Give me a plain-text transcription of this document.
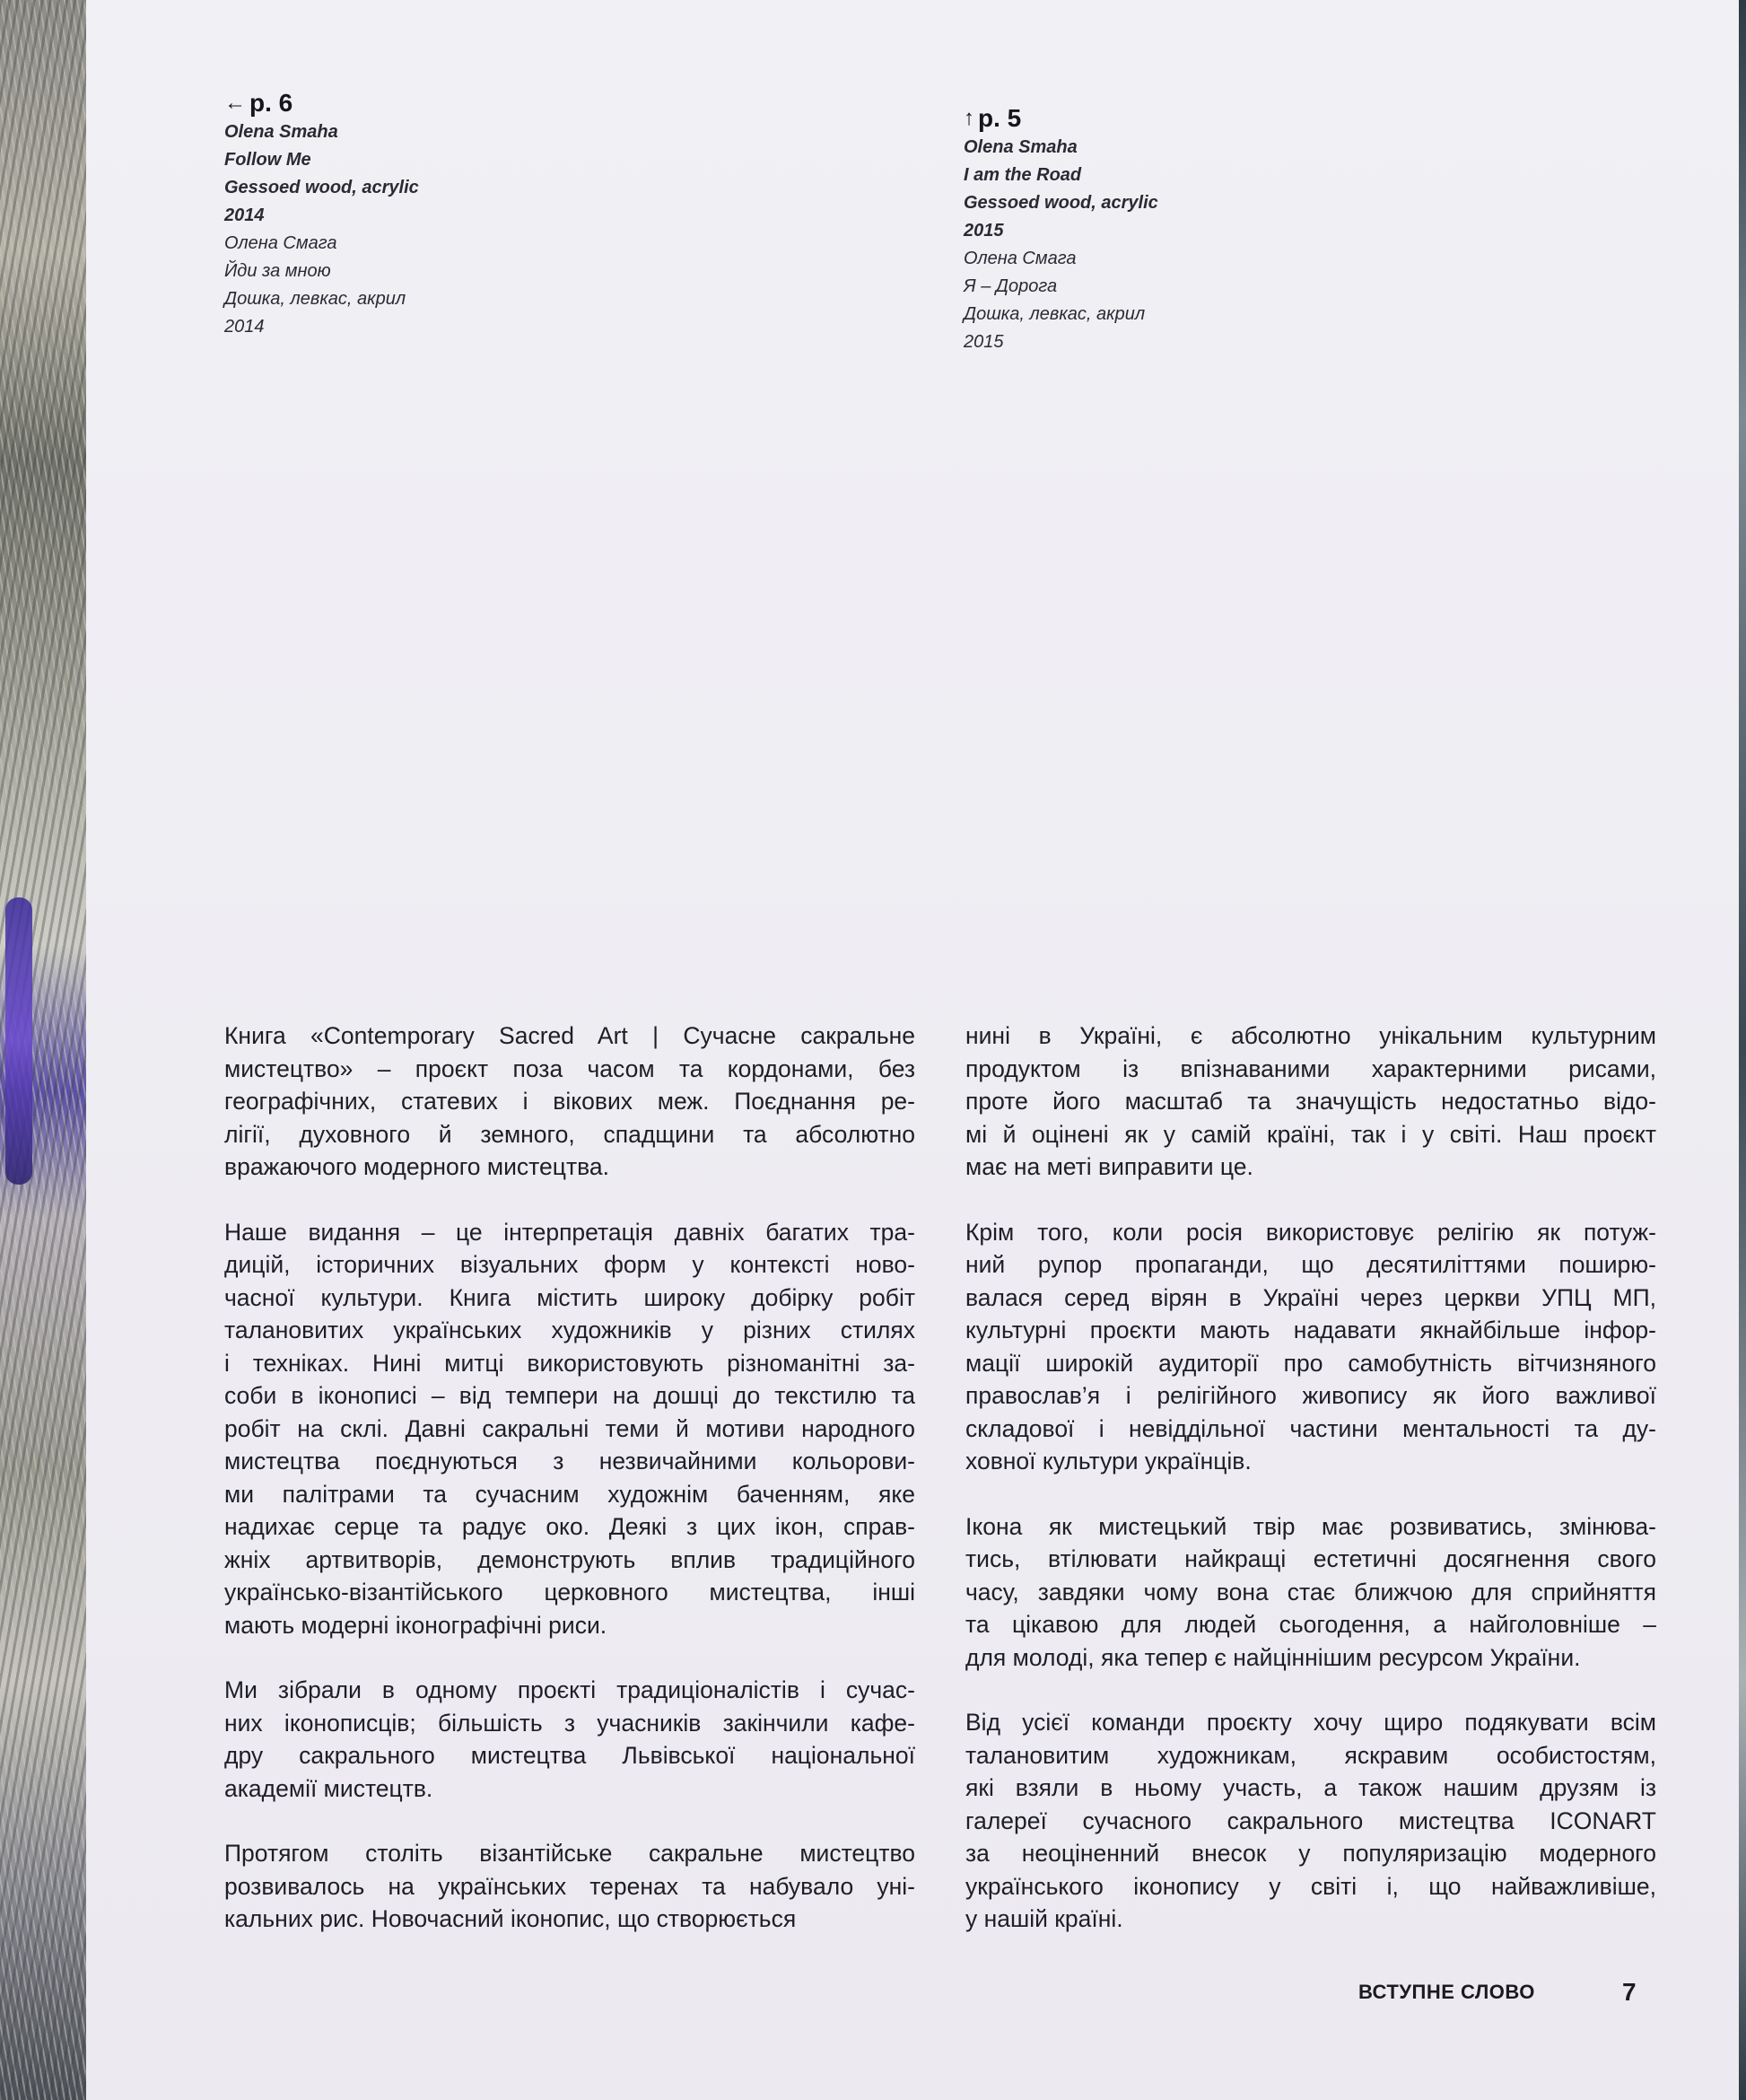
← p. 6
Olena Smaha
Follow Me
Gessoed wood, acrylic
2014
Олена Смага
Йди за мною
Дошка, левкас, акрил
2014
↑ p. 5
Olena Smaha
I am the Road
Gessoed wood, acrylic
2015
Олена Смага
Я – Дорога
Дошка, левкас, акрил
2015

Книга «Contemporary Sacred Art | Сучасне сакральне
мистецтво» – проєкт поза часом та кордонами, без
географічних, статевих і вікових меж. Поєднання ре-
лігії, духовного й земного, спадщини та абсолютно
вражаючого модерного мистецтва.

Наше видання – це інтерпретація давніх багатих тра-
дицій, історичних візуальних форм у контексті ново-
часної культури. Книга містить широку добірку робіт
талановитих українських художників у різних стилях
і техніках. Нині митці використовують різноманітні за-
соби в іконописі – від темпери на дошці до текстилю та
робіт на склі. Давні сакральні теми й мотиви народного
мистецтва поєднуються з незвичайними кольорови-
ми палітрами та сучасним художнім баченням, яке
надихає серце та радує око. Деякі з цих ікон, справ-
жніх артвитворів, демонструють вплив традиційного
українсько-візантійського церковного мистецтва, інші
мають модерні іконографічні риси.

Ми зібрали в одному проєкті традиціоналістів і сучас-
них іконописців; більшість з учасників закінчили кафе-
дру сакрального мистецтва Львівської національної
академії мистецтв.

Протягом століть візантійське сакральне мистецтво
розвивалось на українських теренах та набувало уні-
кальних рис. Новочасний іконопис, що створюється

нині в Україні, є абсолютно унікальним культурним
продуктом із впізнаваними характерними рисами,
проте його масштаб та значущість недостатньо відо-
мі й оцінені як у самій країні, так і у світі. Наш проєкт
має на меті виправити це.

Крім того, коли росія використовує релігію як потуж-
ний рупор пропаганди, що десятиліттями поширю-
валася серед вірян в Україні через церкви УПЦ МП,
культурні проєкти мають надавати якнайбільше інфор-
мації широкій аудиторії про самобутність вітчизняного
православ’я і релігійного живопису як його важливої
складової і невіддільної частини ментальності та ду-
ховної культури українців.

Ікона як мистецький твір має розвиватись, змінюва-
тись, втілювати найкращі естетичні досягнення свого
часу, завдяки чому вона стає ближчою для сприйняття
та цікавою для людей сьогодення, а найголовніше –
для молоді, яка тепер є найціннішим ресурсом України.

Від усієї команди проєкту хочу щиро подякувати всім
талановитим художникам, яскравим особистостям,
які взяли в ньому участь, а також нашим друзям із
галереї сучасного сакрального мистецтва ICONART
за неоціненний внесок у популяризацію модерного
українського іконопису у світі і, що найважливіше,
у нашій країні.

ВСТУПНЕ СЛОВО	7
